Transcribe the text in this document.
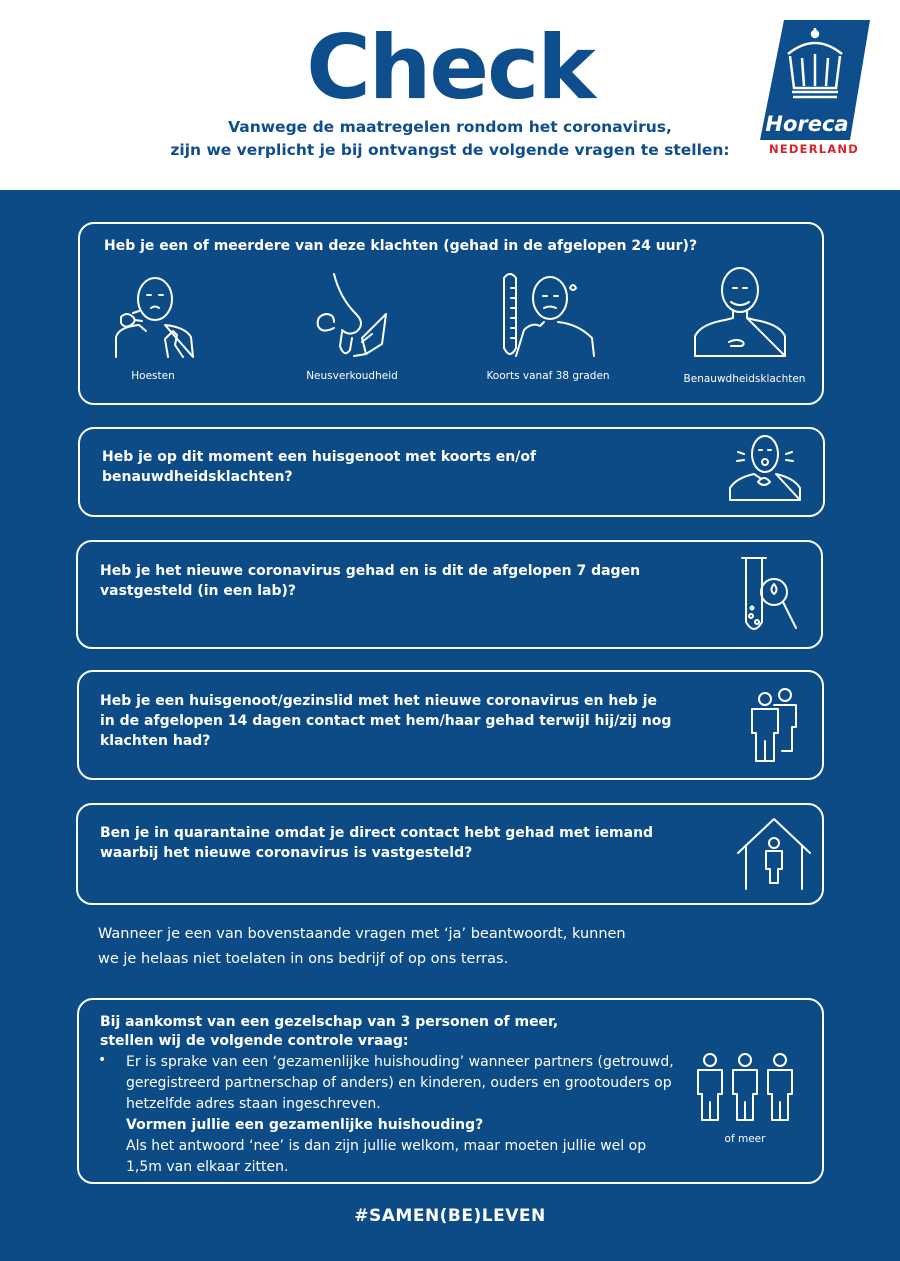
Check
Vanwege de maatregelen rondom het coronavirus,
zijn we verplicht je bij ontvangst de volgende vragen te stellen:
Horeca
NEDERLAND
Heb je een of meerdere van deze klachten (gehad in de afgelopen 24 uur)?
Hoesten	Neusverkoudheid	Koorts vanaf 38 graden	Benauwdheidsklachten
Heb je op dit moment een huisgenoot met koorts en/of
benauwdheidsklachten?
Heb je het nieuwe coronavirus gehad en is dit de afgelopen 7 dagen
vastgesteld (in een lab)?
Heb je een huisgenoot/gezinslid met het nieuwe coronavirus en heb je
in de afgelopen 14 dagen contact met hem/haar gehad terwijl hij/zij nog
klachten had?
Ben je in quarantaine omdat je direct contact hebt gehad met iemand
waarbij het nieuwe coronavirus is vastgesteld?
Wanneer je een van bovenstaande vragen met ‘ja’ beantwoordt, kunnen
we je helaas niet toelaten in ons bedrijf of op ons terras.
Bij aankomst van een gezelschap van 3 personen of meer,
stellen wij de volgende controle vraag:
• Er is sprake van een ‘gezamenlijke huishouding’ wanneer partners (getrouwd,
geregistreerd partnerschap of anders) en kinderen, ouders en grootouders op
hetzelfde adres staan ingeschreven.
Vormen jullie een gezamenlijke huishouding?
Als het antwoord ‘nee’ is dan zijn jullie welkom, maar moeten jullie wel op
1,5m van elkaar zitten.
of meer
#SAMEN(BE)LEVEN
